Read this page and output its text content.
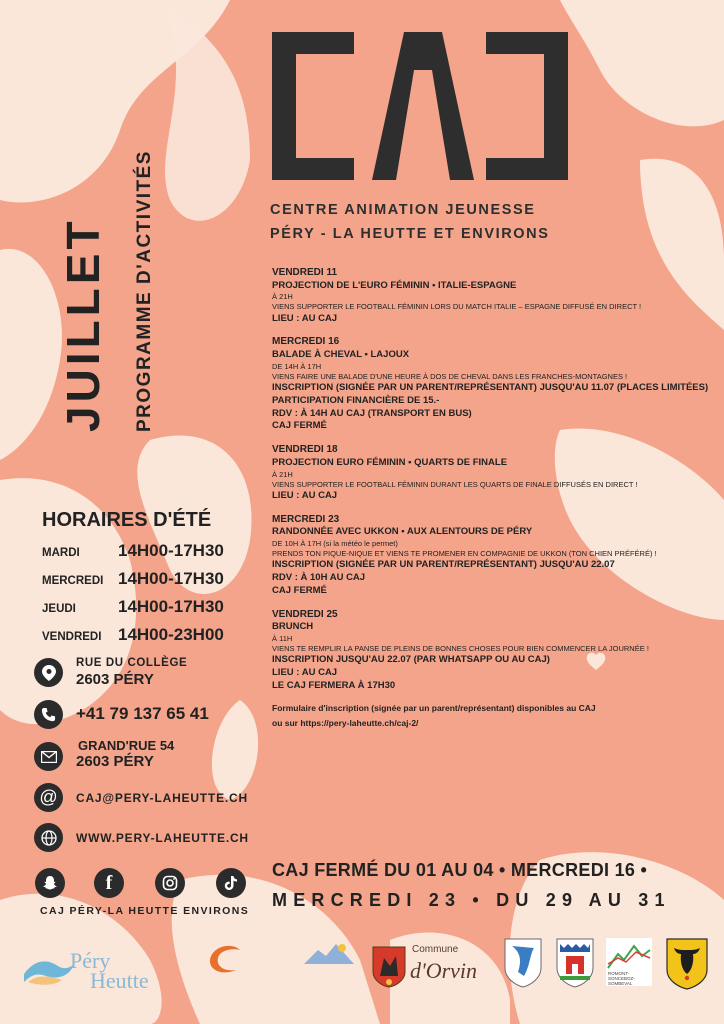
CENTRE ANIMATION JEUNESSE
PÉRY - LA HEUTTE ET ENVIRONS
JUILLET PROGRAMME D'ACTIVITÉS	VENDREDI 11
PROJECTION DE L'EURO FÉMININ • ITALIE-ESPAGNE
À 21H
VIENS SUPPORTER LE FOOTBALL FÉMININ LORS DU MATCH ITALIE – ESPAGNE DIFFUSÉ EN DIRECT !
LIEU : AU CAJ
MERCREDI 16
BALADE À CHEVAL • LAJOUX
DE 14H À 17H
VIENS FAIRE UNE BALADE D'UNE HEURE À DOS DE CHEVAL DANS LES FRANCHES-MONTAGNES !
INSCRIPTION (SIGNÉE PAR UN PARENT/REPRÉSENTANT) JUSQU'AU 11.07 (PLACES LIMITÉES)
PARTICIPATION FINANCIÈRE DE 15.-
RDV : À 14H AU CAJ (TRANSPORT EN BUS)
CAJ FERMÉ
VENDREDI 18
PROJECTION EURO FÉMININ • QUARTS DE FINALE
À 21H
VIENS SUPPORTER LE FOOTBALL FÉMININ DURANT LES QUARTS DE FINALE DIFFUSÉS EN DIRECT !
LIEU : AU CAJ
MERCREDI 23
RANDONNÉE AVEC UKKON • AUX ALENTOURS DE PÉRY
DE 10H À 17H (si la météo le permet)
PRENDS TON PIQUE-NIQUE ET VIENS TE PROMENER EN COMPAGNIE DE UKKON (TON CHIEN PRÉFÉRÉ) !
INSCRIPTION (SIGNÉE PAR UN PARENT/REPRÉSENTANT) JUSQU'AU 22.07
RDV : À 10H AU CAJ
CAJ FERMÉ
VENDREDI 25
BRUNCH
À 11H
VIENS TE REMPLIR LA PANSE DE PLEINS DE BONNES CHOSES POUR BIEN COMMENCER LA JOURNÉE !
INSCRIPTION JUSQU'AU 22.07 (PAR WHATSAPP OU AU CAJ)
LIEU : AU CAJ
LE CAJ FERMERA À 17H30
Formulaire d'inscription (signée par un parent/représentant) disponibles au CAJ
ou sur https://pery-laheutte.ch/caj-2/
CAJ FERMÉ DU 01 AU 04 • MERCREDI 16 •
MERCREDI 23 • DU 29 AU 31
HORAIRES D'ÉTÉ
MARDI 14H00-17H30
MERCREDI 14H00-17H30
JEUDI 14H00-17H30
VENDREDI 14H00-23H00
RUE DU COLLÈGE
2603 PÉRY
+41 79 137 65 41
GRAND'RUE 54
2603 PÉRY
@	CAJ@PERY-LAHEUTTE.CH
WWW.PERY-LAHEUTTE.CH
f
CAJ PÉRY-LA HEUTTE ENVIRONS
Péry
Heutte	CORGEMONT Sauge
Commune
d'Orvin	ROMONT-SONCEBOZ-SOMBEVAL
